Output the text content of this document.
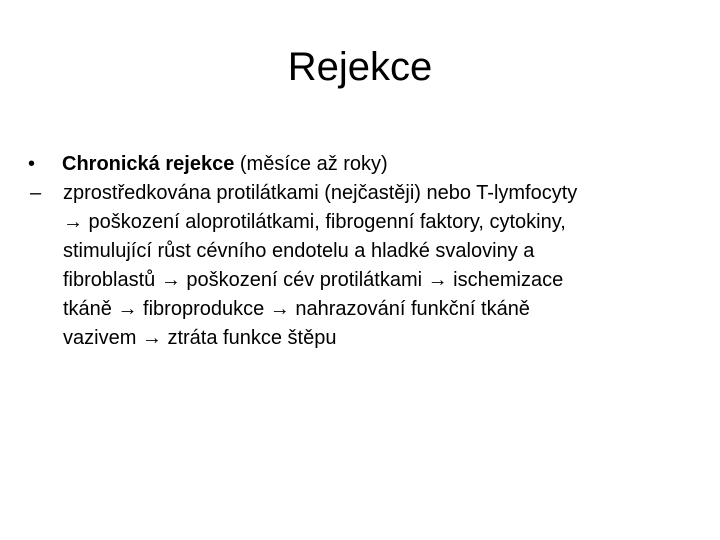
Rejekce
• Chronická rejekce (měsíce až roky)
– zprostředkována protilátkami (nejčastěji) nebo T-lymfocyty
→ poškození aloprotilátkami, fibrogenní faktory, cytokiny,
stimulující růst cévního endotelu a hladké svaloviny a
fibroblastů → poškození cév protilátkami → ischemizace
tkáně → fibroprodukce → nahrazování funkční tkáně
vazivem → ztráta funkce štěpu
